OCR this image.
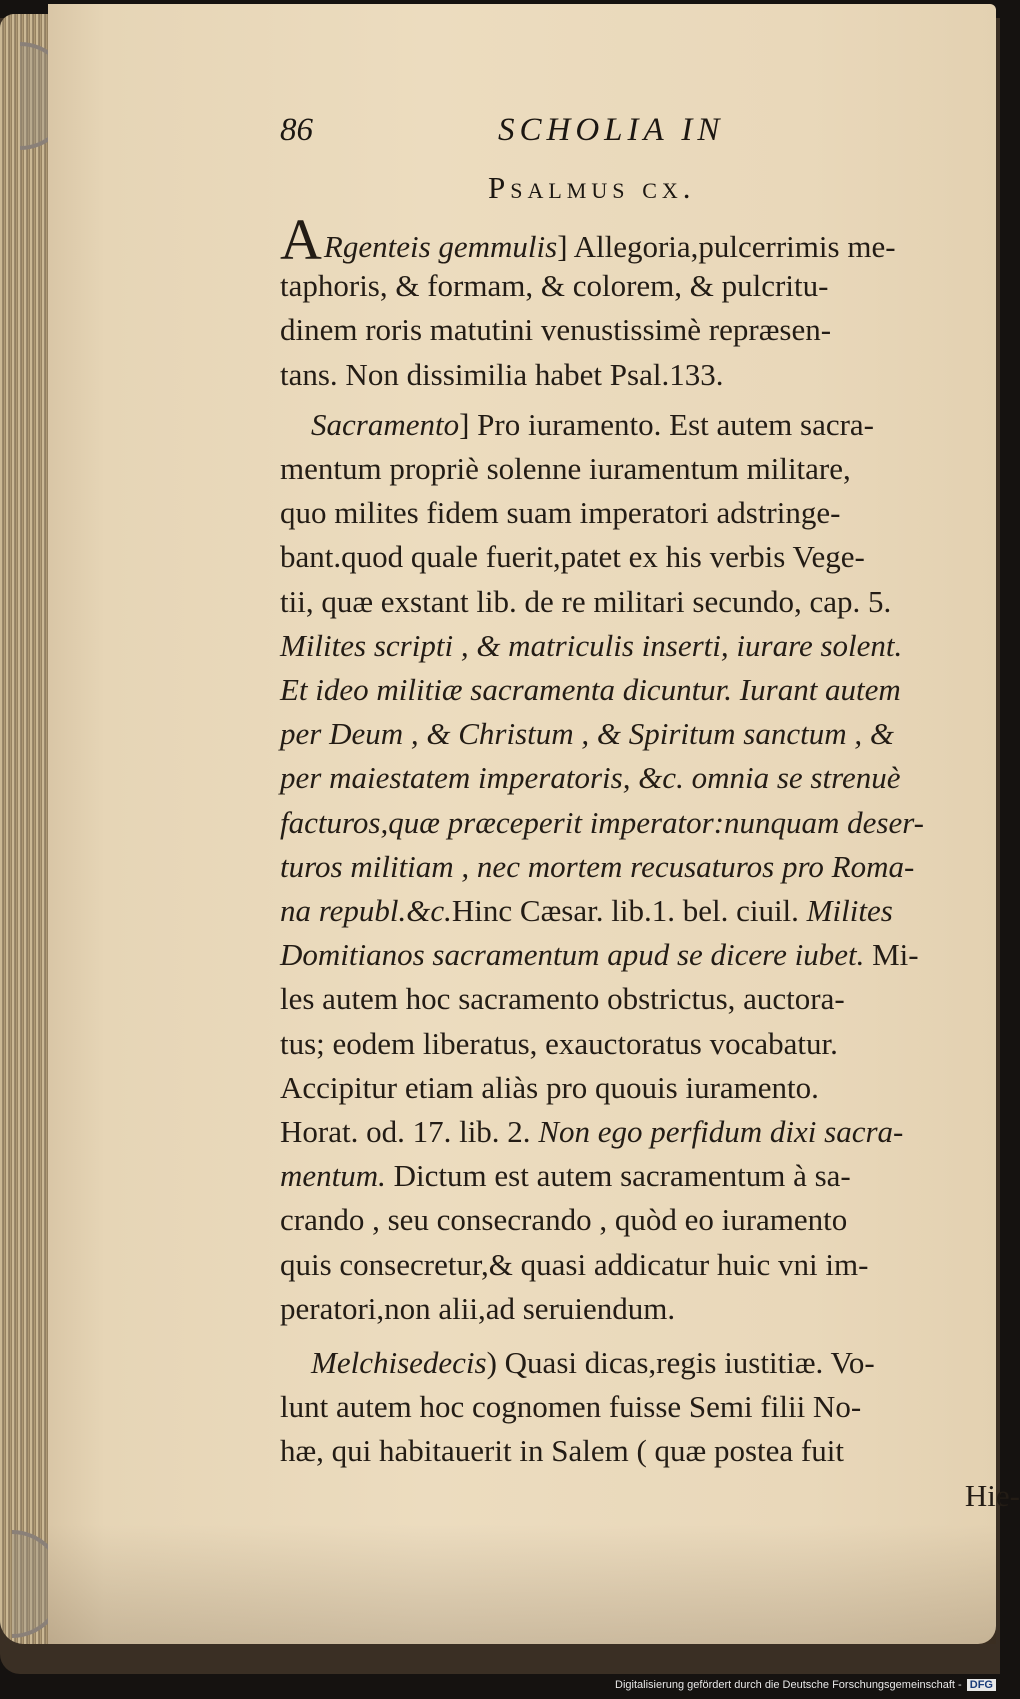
86	SCHOLIA IN
Psalmus cx.
ARgenteis gemmulis] Allegoria,pulcerrimis me-
taphoris, & formam, & colorem, & pulcritu-
dinem roris matutini venustissimè repræsen-
tans. Non dissimilia habet Psal.133.
Sacramento] Pro iuramento. Est autem sacra-
mentum propriè solenne iuramentum militare,
quo milites fidem suam imperatori adstringe-
bant.quod quale fuerit,patet ex his verbis Vege-
tii, quæ exstant lib. de re militari secundo, cap. 5.
Milites scripti , & matriculis inserti, iurare solent.
Et ideo militiæ sacramenta dicuntur. Iurant autem
per Deum , & Christum , & Spiritum sanctum , &
per maiestatem imperatoris, &c. omnia se strenuè
facturos,quæ præceperit imperator:nunquam deser-
turos militiam , nec mortem recusaturos pro Roma-
na republ.&c.Hinc Cæsar. lib.1. bel. ciuil. Milites
Domitianos sacramentum apud se dicere iubet. Mi-
les autem hoc sacramento obstrictus, auctora-
tus; eodem liberatus, exauctoratus vocabatur.
Accipitur etiam aliàs pro quouis iuramento.
Horat. od. 17. lib. 2. Non ego perfidum dixi sacra-
mentum. Dictum est autem sacramentum à sa-
crando , seu consecrando , quòd eo iuramento
quis consecretur,& quasi addicatur huic vni im-
peratori,non alii,ad seruiendum.
Melchisedecis) Quasi dicas,regis iustitiæ. Vo-
lunt autem hoc cognomen fuisse Semi filii No-
hæ, qui habitauerit in Salem ( quæ postea fuit
Hie-
Digitalisierung gefördert durch die Deutsche Forschungsgemeinschaft - DFG
